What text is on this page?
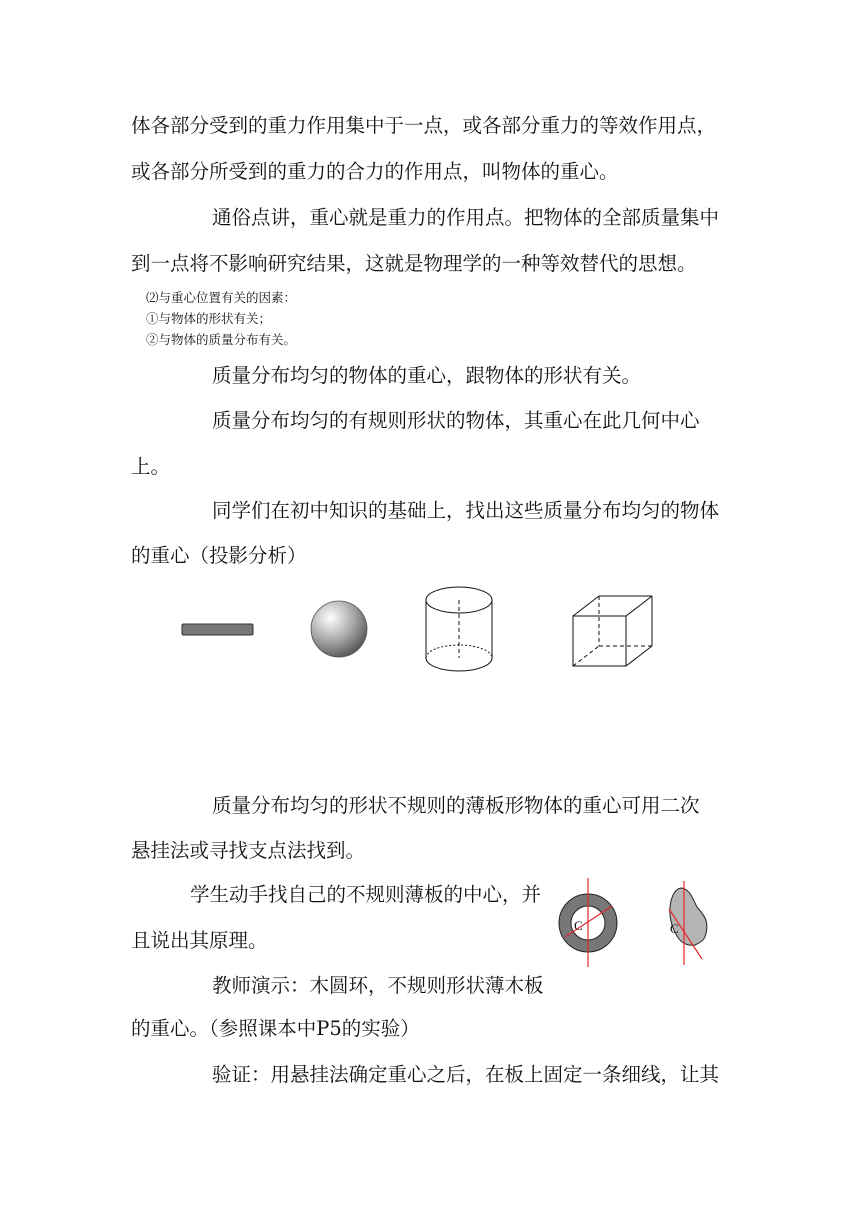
体各部分受到的重力作用集中于一点，或各部分重力的等效作用点，
或各部分所受到的重力的合力的作用点，叫物体的重心。
通俗点讲，重心就是重力的作用点。把物体的全部质量集中
到一点将不影响研究结果，这就是物理学的一种等效替代的思想。
⑵与重心位置有关的因素：
①与物体的形状有关；
②与物体的质量分布有关。
质量分布均匀的物体的重心，跟物体的形状有关。
质量分布均匀的有规则形状的物体，其重心在此几何中心
上。
同学们在初中知识的基础上，找出这些质量分布均匀的物体
的重心（投影分析）
质量分布均匀的形状不规则的薄板形物体的重心可用二次
悬挂法或寻找支点法找到。
学生动手找自己的不规则薄板的中心，并
且说出其原理。
C	C
教师演示：木圆环，不规则形状薄木板
的重心。（参照课本中P5的实验）
验证：用悬挂法确定重心之后，在板上固定一条细线，让其
